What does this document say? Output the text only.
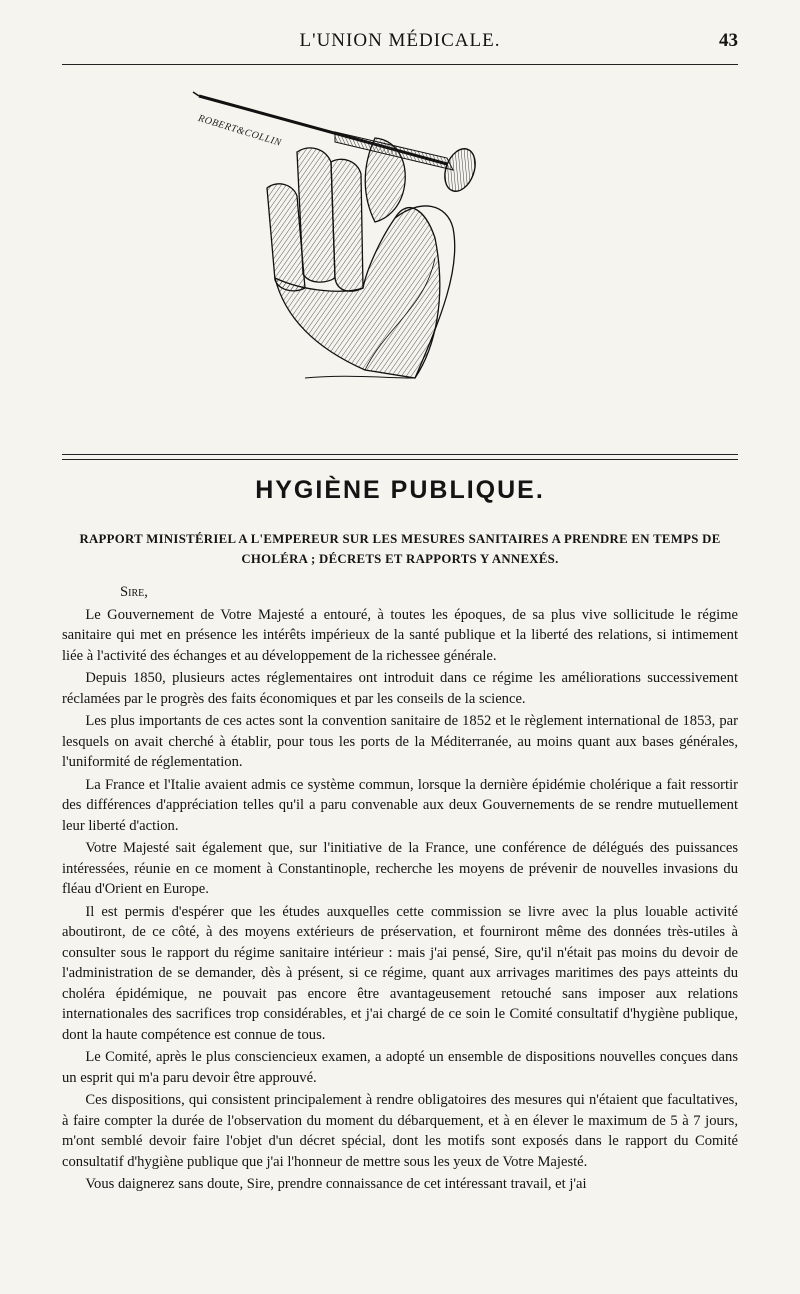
L'UNION MÉDICALE.	43
ROBERT&COLLIN
HYGIÈNE PUBLIQUE.
RAPPORT MINISTÉRIEL A L'EMPEREUR SUR LES MESURES SANITAIRES A PRENDRE EN TEMPS DE CHOLÉRA ; DÉCRETS ET RAPPORTS Y ANNEXÉS.
Sire,

Le Gouvernement de Votre Majesté a entouré, à toutes les époques, de sa plus vive sollicitude le régime sanitaire qui met en présence les intérêts impérieux de la santé publique et la liberté des relations, si intimement liée à l'activité des échanges et au développement de la richessee générale.

Depuis 1850, plusieurs actes réglementaires ont introduit dans ce régime les améliorations successivement réclamées par le progrès des faits économiques et par les conseils de la science.

Les plus importants de ces actes sont la convention sanitaire de 1852 et le règlement international de 1853, par lesquels on avait cherché à établir, pour tous les ports de la Méditerranée, au moins quant aux bases générales, l'uniformité de réglementation.

La France et l'Italie avaient admis ce système commun, lorsque la dernière épidémie cholérique a fait ressortir des différences d'appréciation telles qu'il a paru convenable aux deux Gouvernements de se rendre mutuellement leur liberté d'action.

Votre Majesté sait également que, sur l'initiative de la France, une conférence de délégués des puissances intéressées, réunie en ce moment à Constantinople, recherche les moyens de prévenir de nouvelles invasions du fléau d'Orient en Europe.

Il est permis d'espérer que les études auxquelles cette commission se livre avec la plus louable activité aboutiront, de ce côté, à des moyens extérieurs de préservation, et fourniront même des données très-utiles à consulter sous le rapport du régime sanitaire intérieur : mais j'ai pensé, Sire, qu'il n'était pas moins du devoir de l'administration de se demander, dès à présent, si ce régime, quant aux arrivages maritimes des pays atteints du choléra épidémique, ne pouvait pas encore être avantageusement retouché sans imposer aux relations internationales des sacrifices trop considérables, et j'ai chargé de ce soin le Comité consultatif d'hygiène publique, dont la haute compétence est connue de tous.

Le Comité, après le plus consciencieux examen, a adopté un ensemble de dispositions nouvelles conçues dans un esprit qui m'a paru devoir être approuvé.

Ces dispositions, qui consistent principalement à rendre obligatoires des mesures qui n'étaient que facultatives, à faire compter la durée de l'observation du moment du débarquement, et à en élever le maximum de 5 à 7 jours, m'ont semblé devoir faire l'objet d'un décret spécial, dont les motifs sont exposés dans le rapport du Comité consultatif d'hygiène publique que j'ai l'honneur de mettre sous les yeux de Votre Majesté.

Vous daignerez sans doute, Sire, prendre connaissance de cet intéressant travail, et j'ai
